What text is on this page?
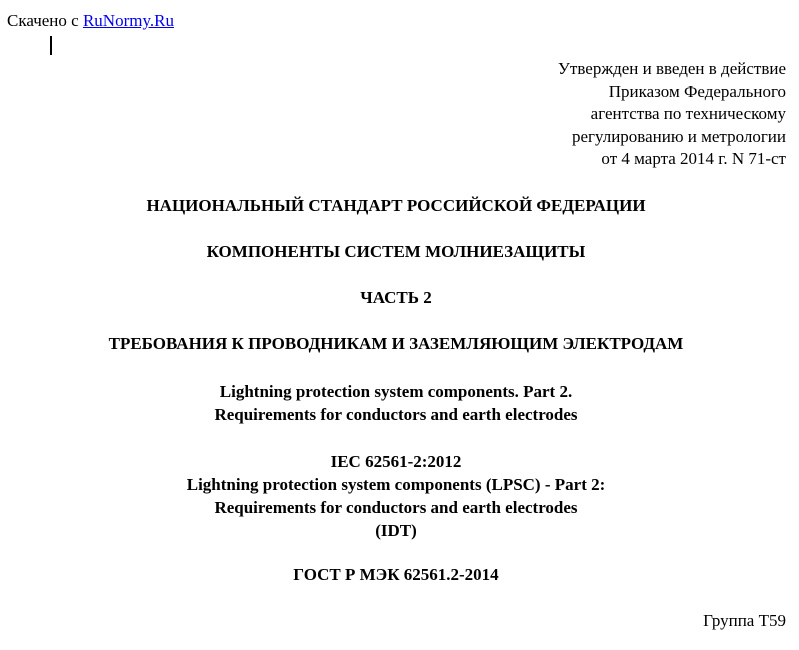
Скачено с RuNormy.Ru
Утвержден и введен в действие
Приказом Федерального
агентства по техническому
регулированию и метрологии
от 4 марта 2014 г. N 71-ст
НАЦИОНАЛЬНЫЙ СТАНДАРТ РОССИЙСКОЙ ФЕДЕРАЦИИ
КОМПОНЕНТЫ СИСТЕМ МОЛНИЕЗАЩИТЫ
ЧАСТЬ 2
ТРЕБОВАНИЯ К ПРОВОДНИКАМ И ЗАЗЕМЛЯЮЩИМ ЭЛЕКТРОДАМ
Lightning protection system components. Part 2.
Requirements for conductors and earth electrodes
IEC 62561-2:2012
Lightning protection system components (LPSC) - Part 2:
Requirements for conductors and earth electrodes
(IDT)
ГОСТ Р МЭК 62561.2-2014
Группа Т59
